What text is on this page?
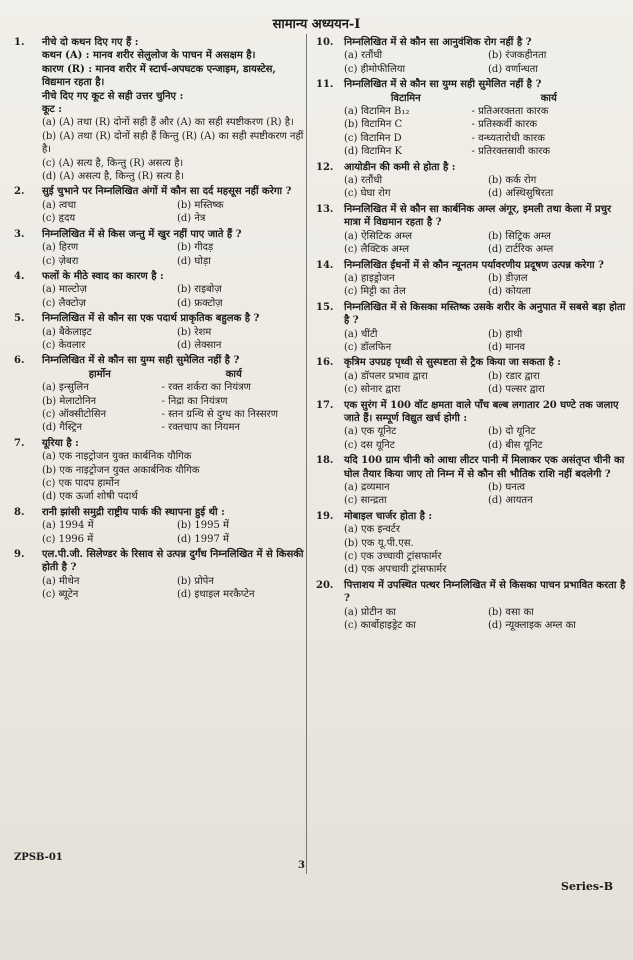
सामान्य अध्ययन-I
1.	नीचे दो कथन दिए गए हैं :
कथन (A) : मानव शरीर सेलुलोज के पाचन में असक्षम है।
कारण (R) : मानव शरीर में स्टार्च-अपघटक एन्जाइम, डायस्टेस, विद्यमान रहता है।
नीचे दिए गए कूट से सही उत्तर चुनिए :
कूट :
(a) (A) तथा (R) दोनों सही हैं और (A) का सही स्पष्टीकरण (R) है।
(b) (A) तथा (R) दोनों सही हैं किन्तु (R) (A) का सही स्पष्टीकरण नहीं है।
(c) (A) सत्य है, किन्तु (R) असत्य है।
(d) (A) असत्य है, किन्तु (R) सत्य है।
2.	सुई चुभाने पर निम्नलिखित अंगों में कौन सा दर्द महसूस नहीं करेगा ?
(a) त्वचा	(b) मस्तिष्क
(c) हृदय	(d) नेत्र
3.	निम्नलिखित में से किस जन्तु में खुर नहीं पाए जाते हैं ?
(a) हिरण	(b) गीदड़
(c) ज़ेबरा	(d) घोड़ा
4.	फलों के मीठे स्वाद का कारण है :
(a) माल्टोज़	(b) राइबोज़
(c) लैक्टोज़	(d) फ्रक्टोज़
5.	निम्नलिखित में से कौन सा एक पदार्थ प्राकृतिक बहुलक है ?
(a) बैकेलाइट	(b) रेशम
(c) केवलार	(d) लेक्सान
6.	निम्नलिखित में से कौन सा युग्म सही सुमेलित नहीं है ?
हार्मोन	कार्य
(a) इन्सुलिन	- रक्त शर्करा का नियंत्रण
(b) मेलाटोनिन	- निद्रा का नियंत्रण
(c) ऑक्सीटोसिन	- स्तन ग्रन्थि से दुग्ध का निस्सरण
(d) गैस्ट्रिन	- रक्तचाप का नियमन
7.	यूरिया है :
(a) एक नाइट्रोजन युक्त कार्बनिक यौगिक
(b) एक नाइट्रोजन युक्त अकार्बनिक यौगिक
(c) एक पादप हार्मोन
(d) एक ऊर्जा शोषी पदार्थ
8.	रानी झांसी समुद्री राष्ट्रीय पार्क की स्थापना हुई थी :
(a) 1994 में	(b) 1995 में
(c) 1996 में	(d) 1997 में
9.	एल.पी.जी. सिलेण्डर के रिसाव से उत्पन्न दुर्गंध निम्नलिखित में से किसकी होती है ?
(a) मीथेन	(b) प्रोपेन
(c) ब्यूटेन	(d) इथाइल मरकैप्टेन
10.	निम्नलिखित में से कौन सा आनुवंशिक रोग नहीं है ?
(a) रतौंधी	(b) रंजकहीनता
(c) हीमोफीलिया	(d) वर्णान्धता
11.	निम्नलिखित में से कौन सा युग्म सही सुमेलित नहीं है ?
विटामिन	कार्य
(a) विटामिन B₁₂	- प्रतिअरक्तता कारक
(b) विटामिन C	- प्रतिस्कर्वी कारक
(c) विटामिन D	- वन्ध्यतारोधी कारक
(d) विटामिन K	- प्रतिरक्तस्रावी कारक
12.	आयोडीन की कमी से होता है :
(a) रतौंधी	(b) कर्क रोग
(c) घेघा रोग	(d) अस्थिसुषिरता
13.	निम्नलिखित में से कौन सा कार्बनिक अम्ल अंगूर, इमली तथा केला में प्रचुर मात्रा में विद्यमान रहता है ?
(a) ऐसिटिक अम्ल	(b) सिट्रिक अम्ल
(c) लैक्टिक अम्ल	(d) टार्टरिक अम्ल
14.	निम्नलिखित ईंधनों में से कौन न्यूनतम पर्यावरणीय प्रदूषण उत्पन्न करेगा ?
(a) हाइड्रोजन	(b) डीज़ल
(c) मिट्टी का तेल	(d) कोयला
15.	निम्नलिखित में से किसका मस्तिष्क उसके शरीर के अनुपात में सबसे बड़ा होता है ?
(a) चींटी	(b) हाथी
(c) डॉलफिन	(d) मानव
16.	कृत्रिम उपग्रह पृथ्वी से सुस्पष्टता से ट्रैक किया जा सकता है :
(a) डॉपलर प्रभाव द्वारा	(b) रडार द्वारा
(c) सोनार द्वारा	(d) पल्सर द्वारा
17.	एक सुरंग में 100 वॉट क्षमता वाले पाँच बल्ब लगातार 20 घण्टे तक जलाए जाते हैं। सम्पूर्ण विद्युत खर्च होगी :
(a) एक यूनिट	(b) दो यूनिट
(c) दस यूनिट	(d) बीस यूनिट
18.	यदि 100 ग्राम चीनी को आधा लीटर पानी में मिलाकर एक असंतृप्त चीनी का घोल तैयार किया जाए तो निम्न में से कौन सी भौतिक राशि नहीं बदलेगी ?
(a) द्रव्यमान	(b) घनत्व
(c) सान्द्रता	(d) आयतन
19.	मोबाइल चार्जर होता है :
(a) एक इन्वर्टर
(b) एक यू.पी.एस.
(c) एक उच्चायी ट्रांसफार्मर
(d) एक अपचायी ट्रांसफार्मर
20.	पित्ताशय में उपस्थित पत्थर निम्नलिखित में से किसका पाचन प्रभावित करता है ?
(a) प्रोटीन का	(b) वसा का
(c) कार्बोहाइड्रेट का	(d) न्यूक्लाइक अम्ल का
ZPSB-01
3
Series-B
